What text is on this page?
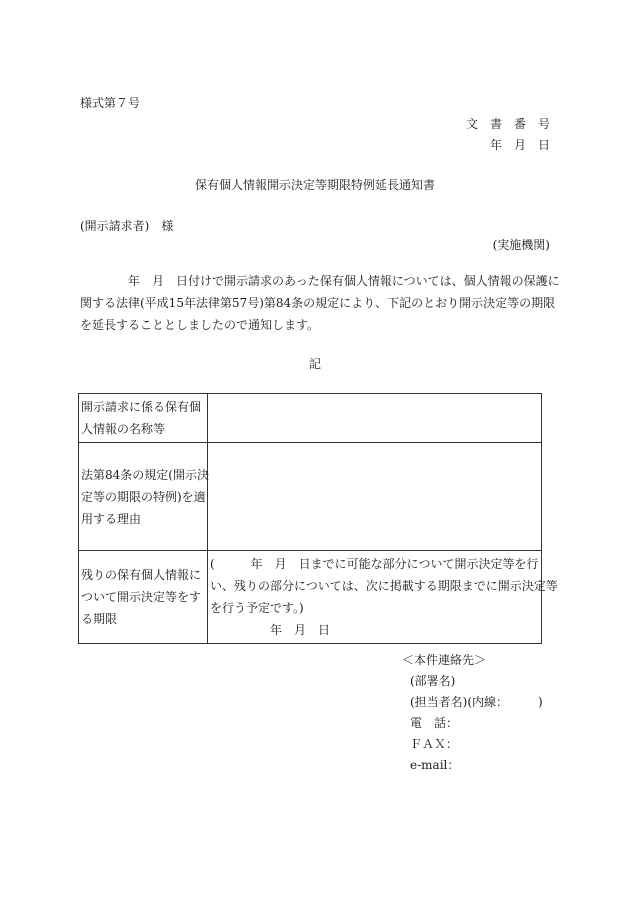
様式第７号
文　書　番　号
年　月　日
保有個人情報開示決定等期限特例延長通知書
(開示請求者)　様
(実施機関)
　　　　年　月　日付けで開示請求のあった保有個人情報については、個人情報の保護に
関する法律(平成15年法律第57号)第84条の規定により、下記のとおり開示決定等の期限
を延長することとしましたので通知します。
記
開示請求に係る保有個
人情報の名称等	

法第84条の規定(開示決
定等の期限の特例)を適
用する理由	

残りの保有個人情報に
ついて開示決定等をす
る期限	(　　　年　月　日までに可能な部分について開示決定等を行
い、残りの部分については、次に掲載する期限までに開示決定等
を行う予定です。)
　　　　　年　月　日
＜本件連絡先＞
(部署名)
(担当者名)(内線：　　　)
電　話：
ＦＡＸ：
e-mail：
